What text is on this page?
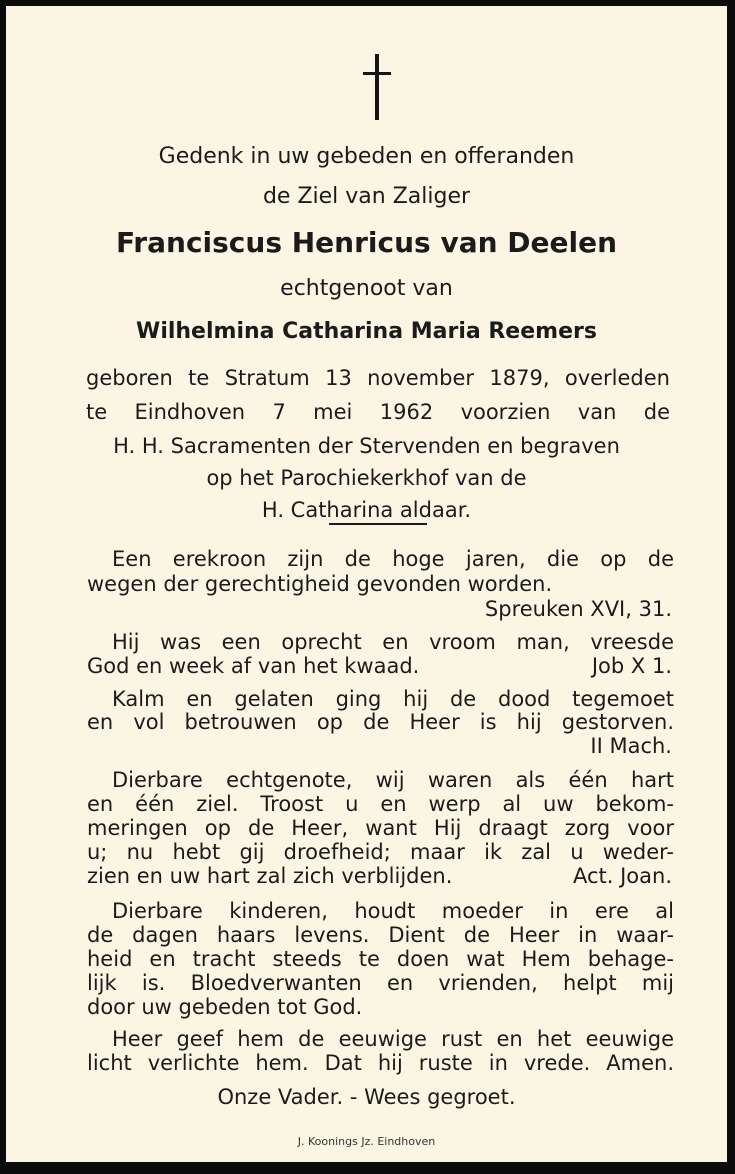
Gedenk in uw gebeden en offeranden
de Ziel van Zaliger
Franciscus Henricus van Deelen
echtgenoot van
Wilhelmina Catharina Maria Reemers
geboren te Stratum 13 november 1879, overleden
te Eindhoven 7 mei 1962 voorzien van de
H. H. Sacramenten der Stervenden en begraven
op het Parochiekerkhof van de
H. Catharina aldaar.
Een erekroon zijn de hoge jaren, die op de
wegen der gerechtigheid gevonden worden.
Spreuken XVI, 31.
Hij was een oprecht en vroom man, vreesde
God en week af van het kwaad.	Job X 1.
Kalm en gelaten ging hij de dood tegemoet
en vol betrouwen op de Heer is hij gestorven.
II Mach.
Dierbare echtgenote, wij waren als één hart
en één ziel. Troost u en werp al uw bekom-
meringen op de Heer, want Hij draagt zorg voor
u; nu hebt gij droefheid; maar ik zal u weder-
zien en uw hart zal zich verblijden.	Act. Joan.
Dierbare kinderen, houdt moeder in ere al
de dagen haars levens. Dient de Heer in waar-
heid en tracht steeds te doen wat Hem behage-
lijk is. Bloedverwanten en vrienden, helpt mij
door uw gebeden tot God.
Heer geef hem de eeuwige rust en het eeuwige
licht verlichte hem. Dat hij ruste in vrede. Amen.
Onze Vader. - Wees gegroet.
J. Koonings Jz. Eindhoven
